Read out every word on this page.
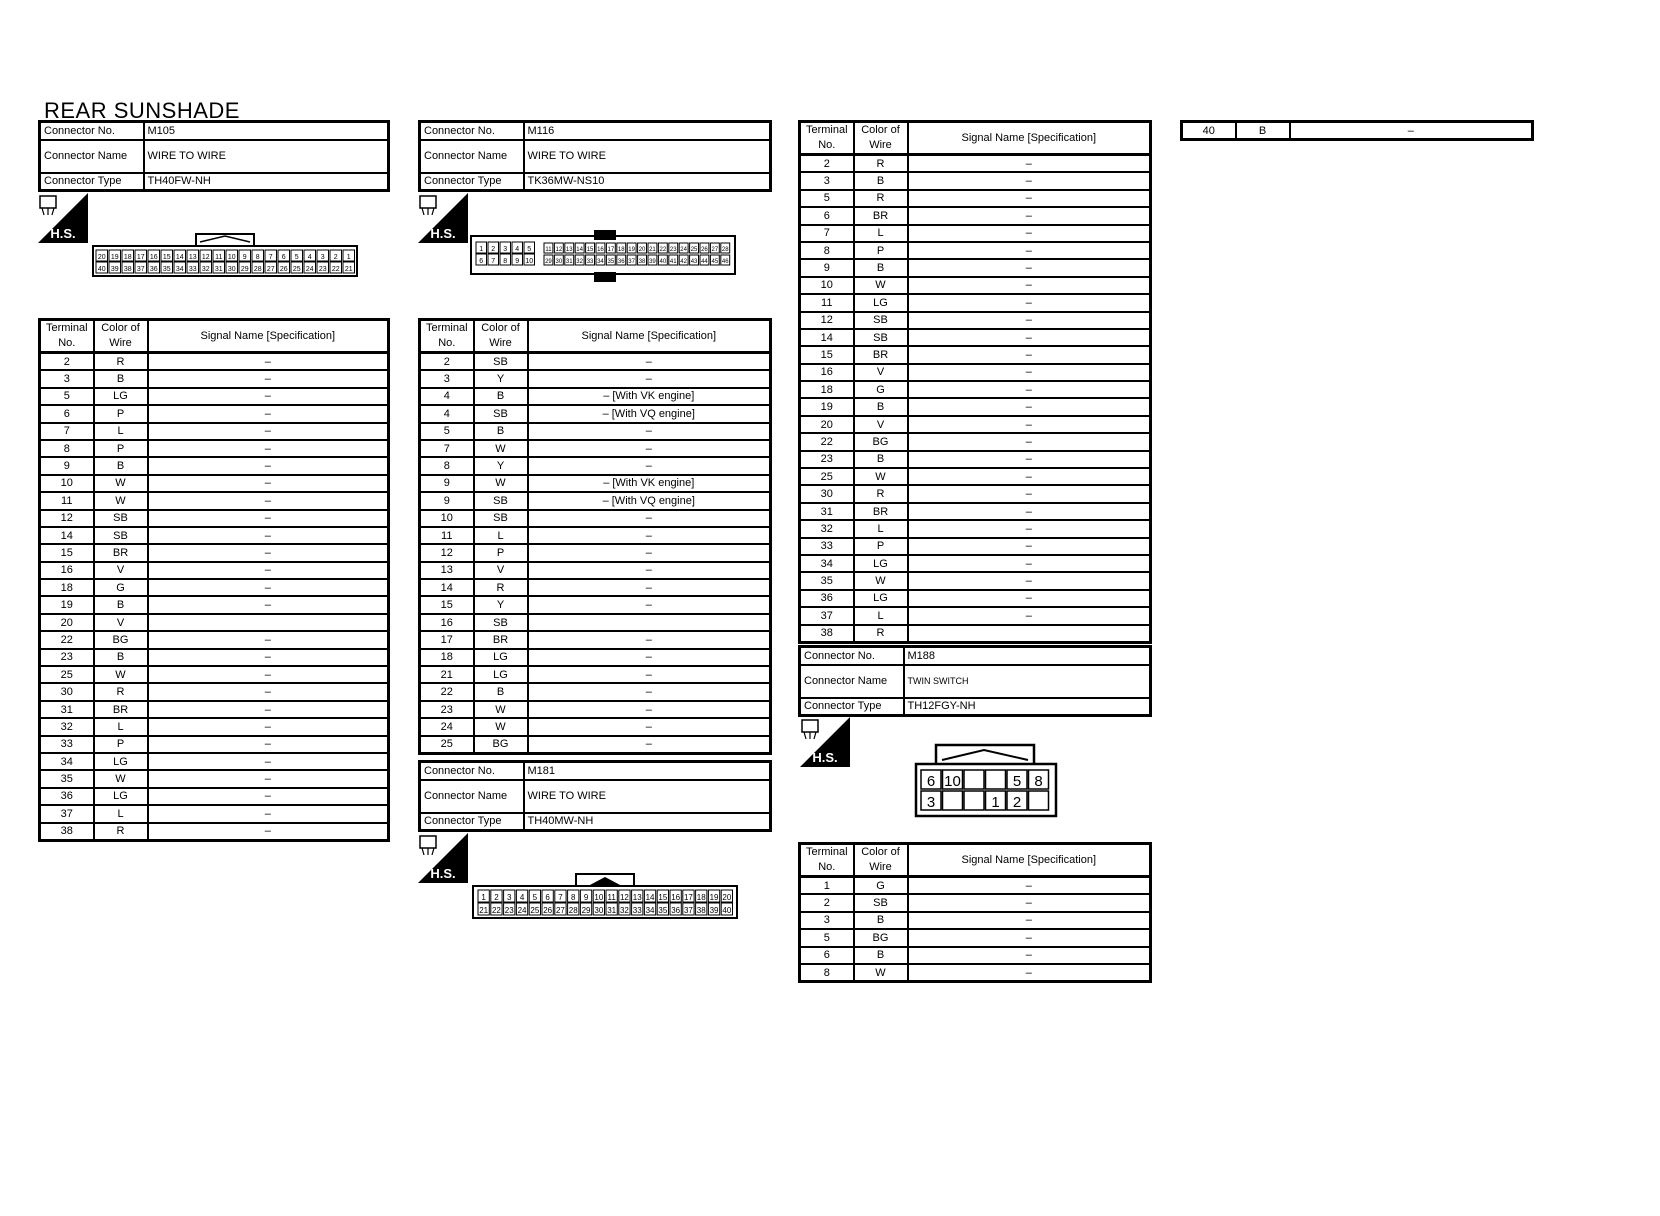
REAR SUNSHADE
Connector No.	M105
Connector Name	WIRE TO WIRE
Connector Type	TH40FW-NH
H.S.
20 19 18 17 16 15 14 13 12 11 10 9 8 7 6 5 4 3 2 1
40 39 38 37 36 35 34 33 32 31 30 29 28 27 26 25 24 23 22 21
Terminal No.	Color of Wire	Signal Name [Specification]
2	R	–
3	B	–
5	LG	–
6	P	–
7	L	–
8	P	–
9	B	–
10	W	–
11	W	–
12	SB	–
14	SB	–
15	BR	–
16	V	–
18	G	–
19	B	–
20	V	
22	BG	–
23	B	–
25	W	–
30	R	–
31	BR	–
32	L	–
33	P	–
34	LG	–
35	W	–
36	LG	–
37	L	–
38	R	–
Connector No.	M116
Connector Name	WIRE TO WIRE
Connector Type	TK36MW-NS10
H.S.
1 2 3 4 5
6 7 8 9 10
11 12 13 14 15 16 17 18 19 20 21 22 23 24 25 26 27 28
29 30 31 32 33 34 35 36 37 38 39 40 41 42 43 44 45 46
Terminal No.	Color of Wire	Signal Name [Specification]
2	SB	–
3	Y	–
4	B	– [With VK engine]
4	SB	– [With VQ engine]
5	B	–
7	W	–
8	Y	–
9	W	– [With VK engine]
9	SB	– [With VQ engine]
10	SB	–
11	L	–
12	P	–
13	V	–
14	R	–
15	Y	–
16	SB	
17	BR	–
18	LG	–
21	LG	–
22	B	–
23	W	–
24	W	–
25	BG	–
Connector No.	M181
Connector Name	WIRE TO WIRE
Connector Type	TH40MW-NH
H.S.
1 2 3 4 5 6 7 8 9 10 11 12 13 14 15 16 17 18 19 20
21 22 23 24 25 26 27 28 29 30 31 32 33 34 35 36 37 38 39 40
Terminal No.	Color of Wire	Signal Name [Specification]
2	R	–
3	B	–
5	R	–
6	BR	–
7	L	–
8	P	–
9	B	–
10	W	–
11	LG	–
12	SB	–
14	SB	–
15	BR	–
16	V	–
18	G	–
19	B	–
20	V	–
22	BG	–
23	B	–
25	W	–
30	R	–
31	BR	–
32	L	–
33	P	–
34	LG	–
35	W	–
36	LG	–
37	L	–
38	R	
40	B	–
Connector No.	M188
Connector Name	TWIN SWITCH
Connector Type	TH12FGY-NH
H.S.
6 10	5 8
3	1 2
Terminal No.	Color of Wire	Signal Name [Specification]
1	G	–
2	SB	–
3	B	–
5	BG	–
6	B	–
8	W	–
